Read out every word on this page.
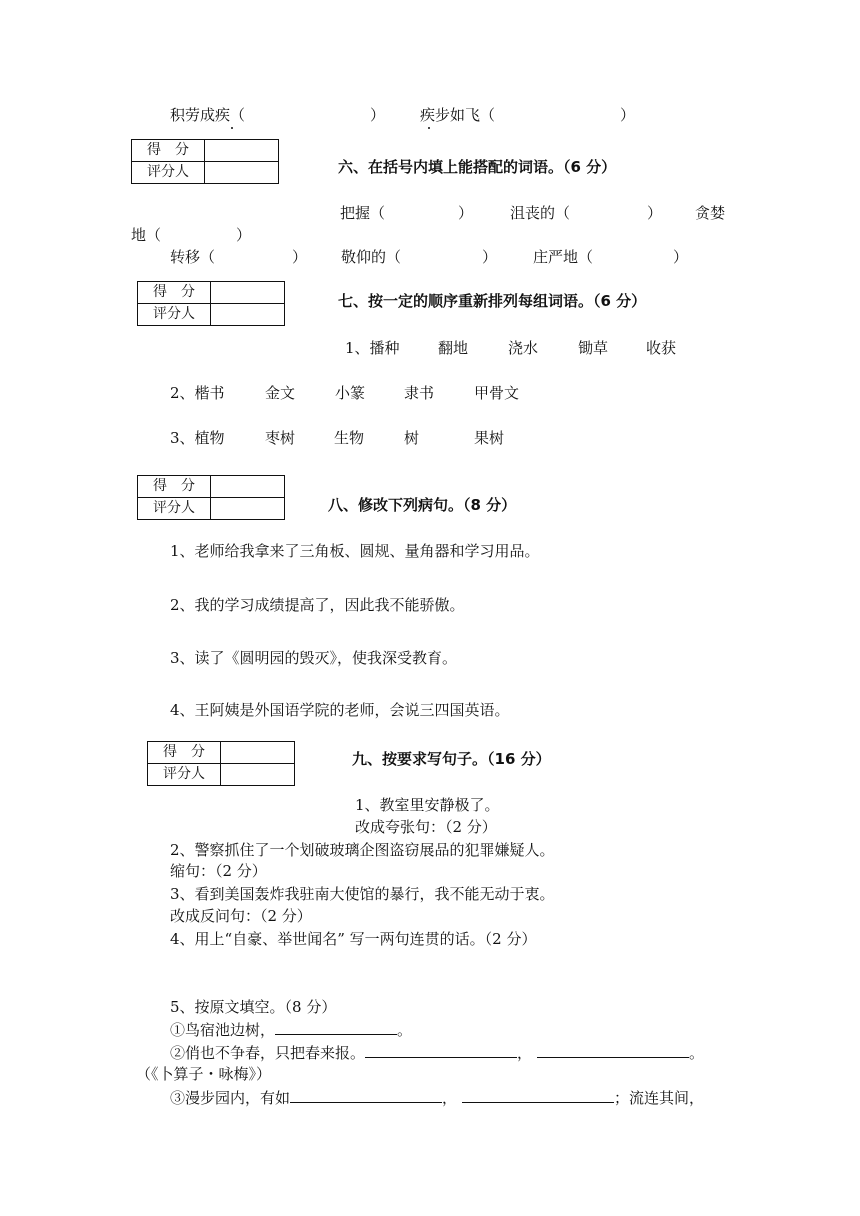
积劳成疾（	） 疾步如飞（	）
得　分	
评分人		六、在括号内填上能搭配的词语。（6 分）
把握（	） 沮丧的（	） 贪婪
地（	）
转移（	） 敬仰的（	） 庄严地（	）
得　分	
评分人	
七、按一定的顺序重新排列每组词语。（6 分）
1、播种	翻地	浇水	锄草	收获
2、楷书	金文	小篆	隶书	甲骨文
3、植物	枣树	生物	树	果树
得　分	
评分人		八、修改下列病句。（8 分）
1、老师给我拿来了三角板、圆规、量角器和学习用品。
2、我的学习成绩提高了，因此我不能骄傲。
3、读了《圆明园的毁灭》，使我深受教育。
4、王阿姨是外国语学院的老师，会说三四国英语。
得　分	
评分人	
九、按要求写句子。（16 分）
1、教室里安静极了。
改成夸张句：（2 分）
2、警察抓住了一个划破玻璃企图盗窃展品的犯罪嫌疑人。
缩句：（2 分）
3、看到美国轰炸我驻南大使馆的暴行，我不能无动于衷。
改成反问句：（2 分）
4、用上“自豪、举世闻名” 写一两句连贯的话。（2 分）
5、按原文填空。（8 分）
①鸟宿池边树，	。
②俏也不争春，只把春来报。	，	。
（《卜算子・咏梅》）
③漫步园内，有如	，	；流连其间，
